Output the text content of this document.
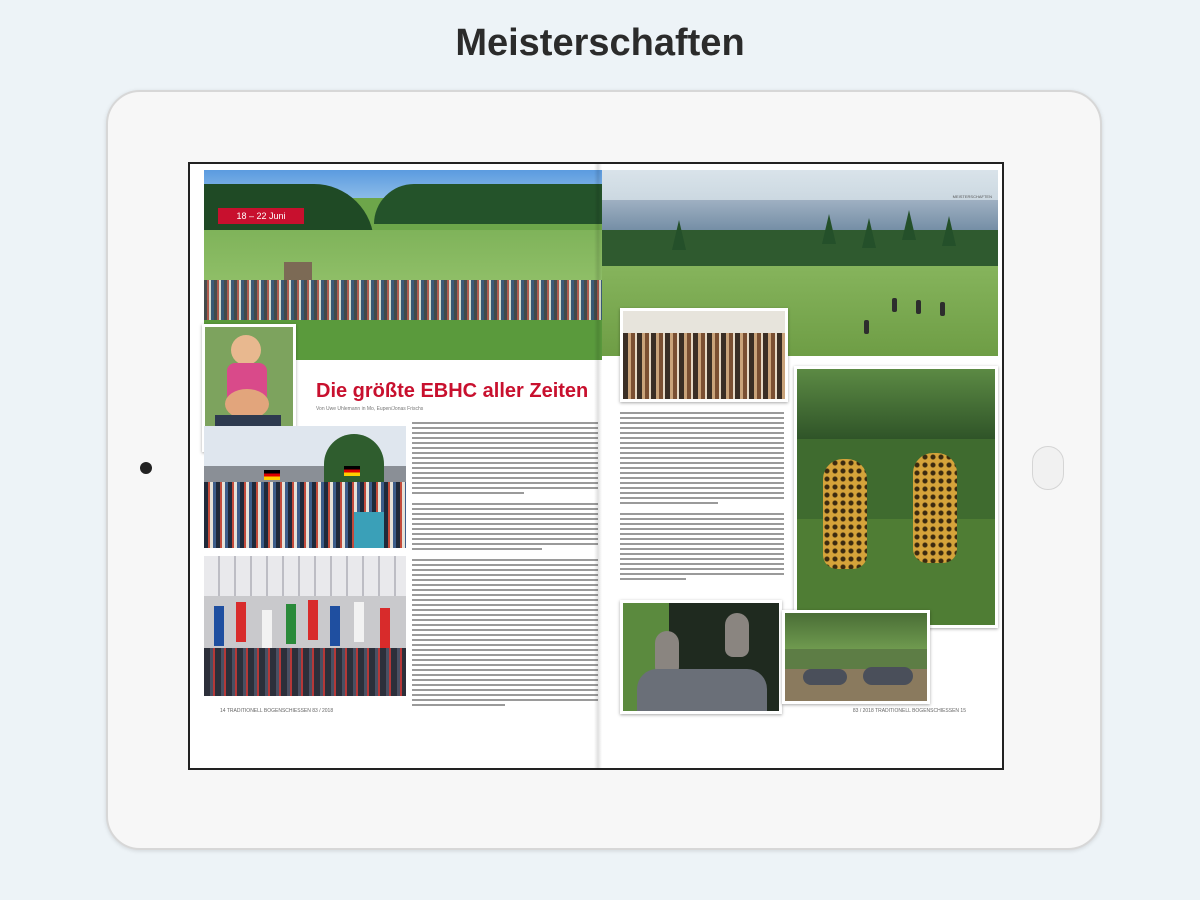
Meisterschaften
18 – 22 Juni
Die größte EBHC aller Zeiten
Von Uwe Uhlemann in Mo, Eupen/Jonas Frischs
14 TRADITIONELL BOGENSCHIESSEN 83 / 2018
MEISTERSCHAFTEN
83 / 2018 TRADITIONELL BOGENSCHIESSEN 15
